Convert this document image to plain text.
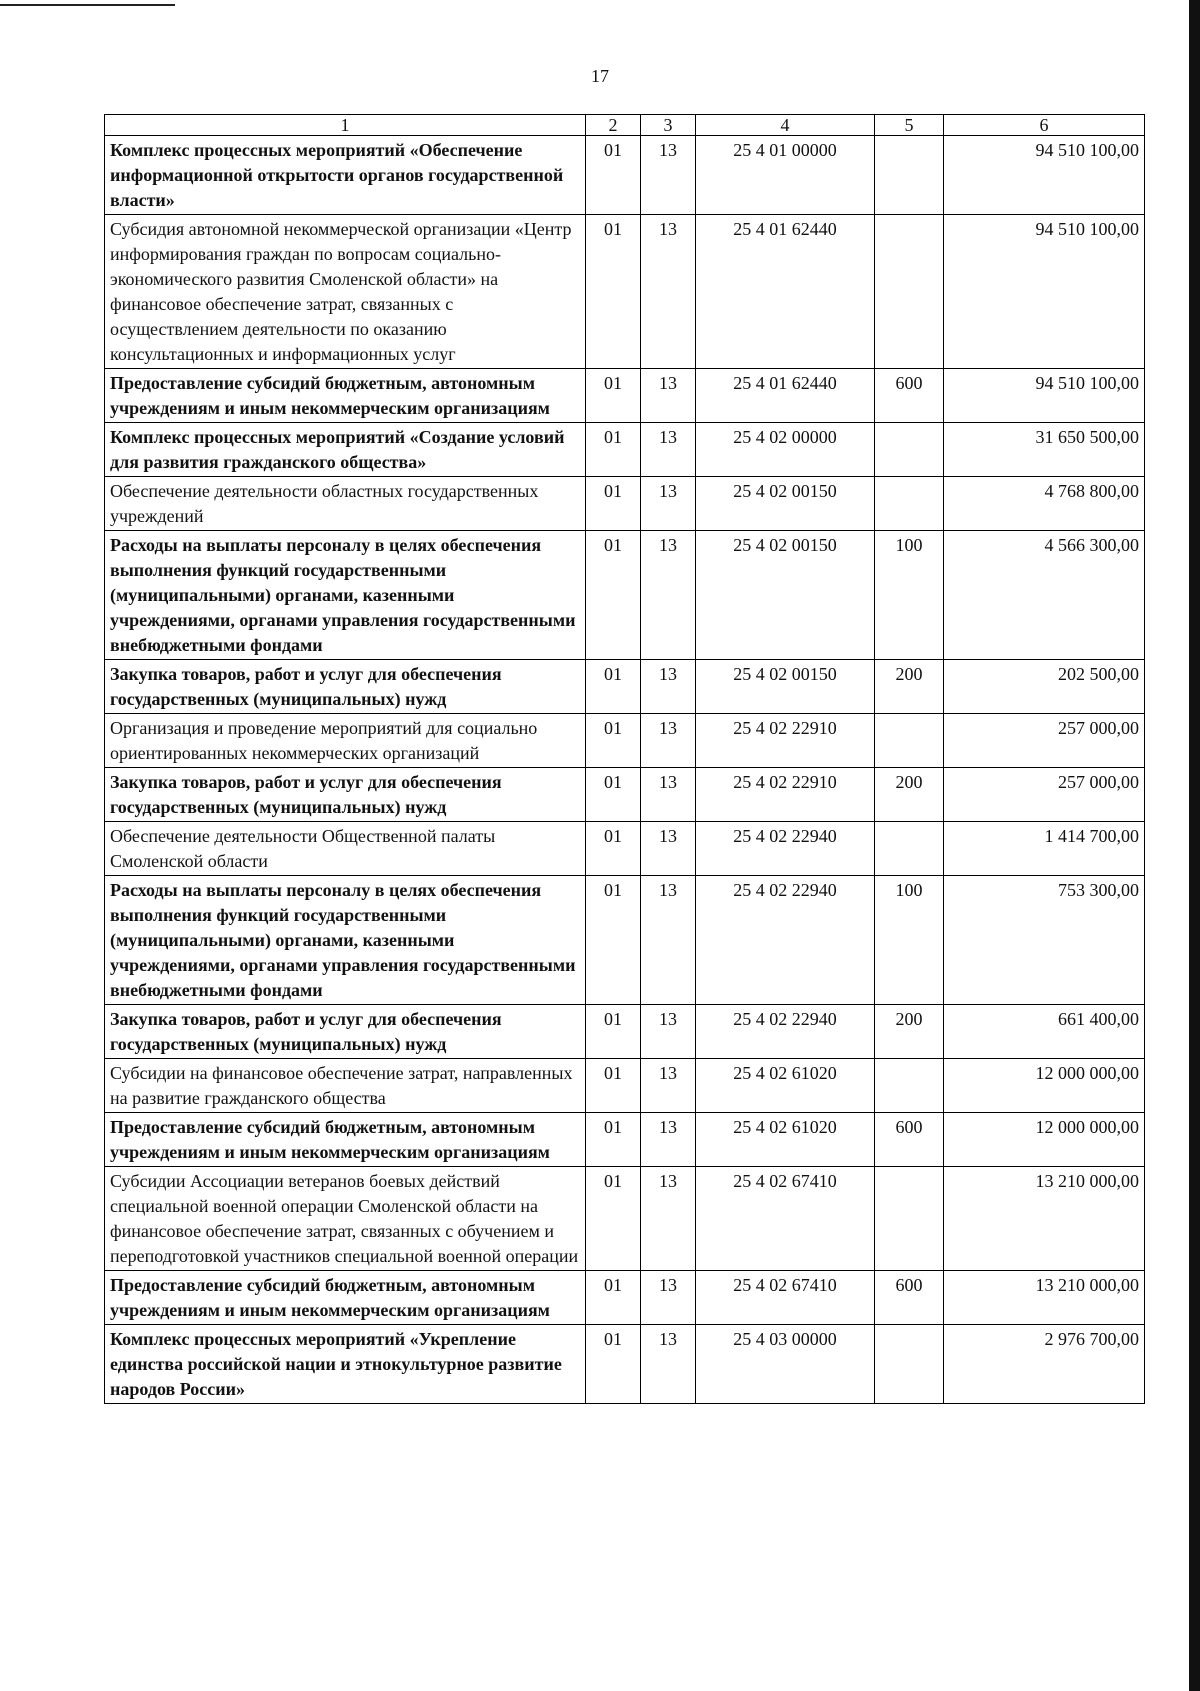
17
1	2	3	4	5	6
Комплекс процессных мероприятий «Обеспечение информационной открытости органов государственной власти»	01	13	25 4 01 00000		94 510 100,00
Субсидия автономной некоммерческой организации «Центр информирования граждан по вопросам социально-экономического развития Смоленской области» на финансовое обеспечение затрат, связанных с осуществлением деятельности по оказанию консультационных и информационных услуг	01	13	25 4 01 62440		94 510 100,00
Предоставление субсидий бюджетным, автономным учреждениям и иным некоммерческим организациям	01	13	25 4 01 62440	600	94 510 100,00
Комплекс процессных мероприятий «Создание условий для развития гражданского общества»	01	13	25 4 02 00000		31 650 500,00
Обеспечение деятельности областных государственных учреждений	01	13	25 4 02 00150		4 768 800,00
Расходы на выплаты персоналу в целях обеспечения выполнения функций государственными (муниципальными) органами, казенными учреждениями, органами управления государственными внебюджетными фондами	01	13	25 4 02 00150	100	4 566 300,00
Закупка товаров, работ и услуг для обеспечения государственных (муниципальных) нужд	01	13	25 4 02 00150	200	202 500,00
Организация и проведение мероприятий для социально ориентированных некоммерческих организаций	01	13	25 4 02 22910		257 000,00
Закупка товаров, работ и услуг для обеспечения государственных (муниципальных) нужд	01	13	25 4 02 22910	200	257 000,00
Обеспечение деятельности Общественной палаты Смоленской области	01	13	25 4 02 22940		1 414 700,00
Расходы на выплаты персоналу в целях обеспечения выполнения функций государственными (муниципальными) органами, казенными учреждениями, органами управления государственными внебюджетными фондами	01	13	25 4 02 22940	100	753 300,00
Закупка товаров, работ и услуг для обеспечения государственных (муниципальных) нужд	01	13	25 4 02 22940	200	661 400,00
Субсидии на финансовое обеспечение затрат, направленных на развитие гражданского общества	01	13	25 4 02 61020		12 000 000,00
Предоставление субсидий бюджетным, автономным учреждениям и иным некоммерческим организациям	01	13	25 4 02 61020	600	12 000 000,00
Субсидии Ассоциации ветеранов боевых действий специальной военной операции Смоленской области на финансовое обеспечение затрат, связанных с обучением и переподготовкой участников специальной военной операции	01	13	25 4 02 67410		13 210 000,00
Предоставление субсидий бюджетным, автономным учреждениям и иным некоммерческим организациям	01	13	25 4 02 67410	600	13 210 000,00
Комплекс процессных мероприятий «Укрепление единства российской нации и этнокультурное развитие народов России»	01	13	25 4 03 00000		2 976 700,00
